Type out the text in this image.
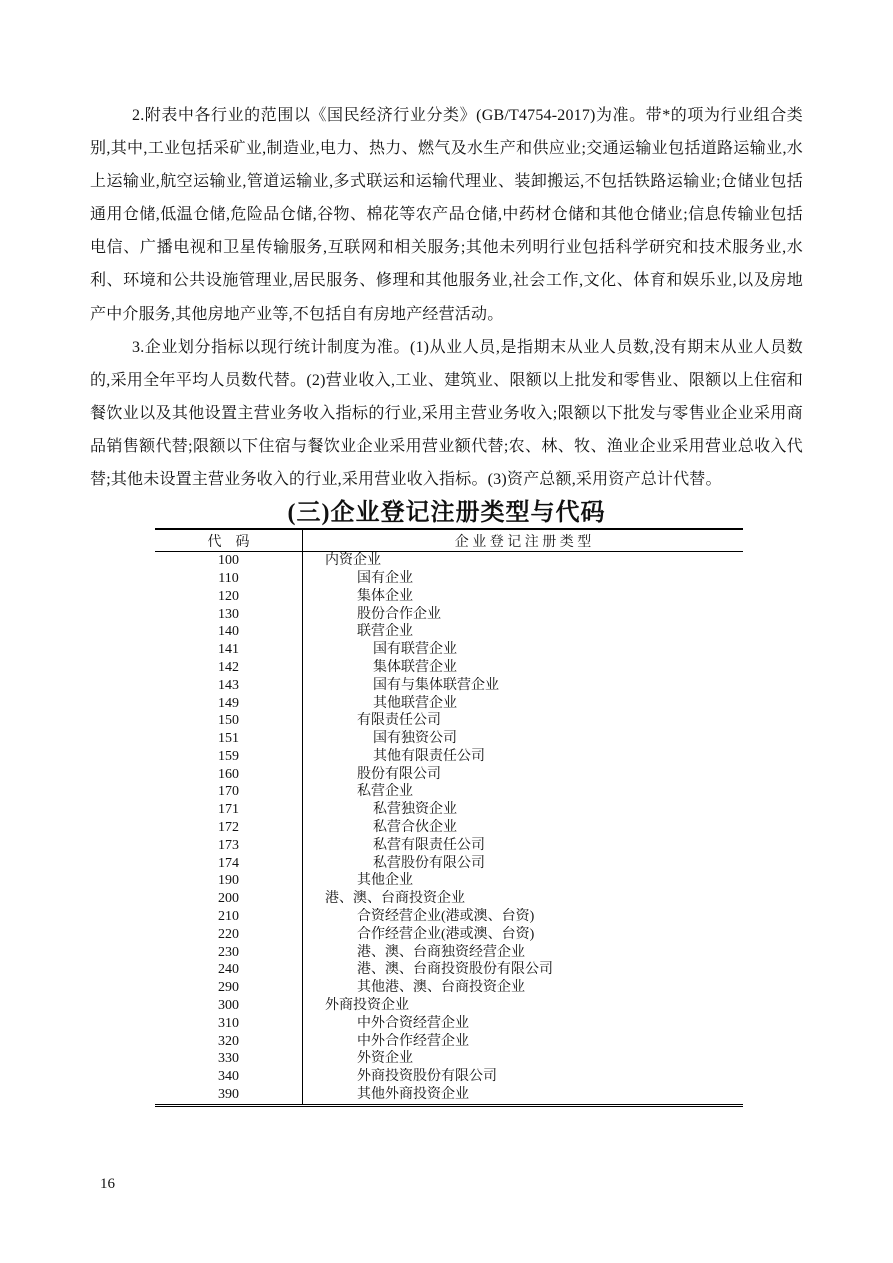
2.附表中各行业的范围以《国民经济行业分类》(GB/T4754-2017)为准。带*的项为行业组合类别,其中,工业包括采矿业,制造业,电力、热力、燃气及水生产和供应业;交通运输业包括道路运输业,水上运输业,航空运输业,管道运输业,多式联运和运输代理业、装卸搬运,不包括铁路运输业;仓储业包括通用仓储,低温仓储,危险品仓储,谷物、棉花等农产品仓储,中药材仓储和其他仓储业;信息传输业包括电信、广播电视和卫星传输服务,互联网和相关服务;其他未列明行业包括科学研究和技术服务业,水利、环境和公共设施管理业,居民服务、修理和其他服务业,社会工作,文化、体育和娱乐业,以及房地产中介服务,其他房地产业等,不包括自有房地产经营活动。

3.企业划分指标以现行统计制度为准。(1)从业人员,是指期末从业人员数,没有期末从业人员数的,采用全年平均人员数代替。(2)营业收入,工业、建筑业、限额以上批发和零售业、限额以上住宿和餐饮业以及其他设置主营业务收入指标的行业,采用主营业务收入;限额以下批发与零售业企业采用商品销售额代替;限额以下住宿与餐饮业企业采用营业额代替;农、林、牧、渔业企业采用营业总收入代替;其他未设置主营业务收入的行业,采用营业收入指标。(3)资产总额,采用资产总计代替。

(三)企业登记注册类型与代码
代　码	企 业 登 记 注 册 类 型
100	内资企业
110	国有企业
120	集体企业
130	股份合作企业
140	联营企业
141	国有联营企业
142	集体联营企业
143	国有与集体联营企业
149	其他联营企业
150	有限责任公司
151	国有独资公司
159	其他有限责任公司
160	股份有限公司
170	私营企业
171	私营独资企业
172	私营合伙企业
173	私营有限责任公司
174	私营股份有限公司
190	其他企业
200	港、澳、台商投资企业
210	合资经营企业(港或澳、台资)
220	合作经营企业(港或澳、台资)
230	港、澳、台商独资经营企业
240	港、澳、台商投资股份有限公司
290	其他港、澳、台商投资企业
300	外商投资企业
310	中外合资经营企业
320	中外合作经营企业
330	外资企业
340	外商投资股份有限公司
390	其他外商投资企业
16
